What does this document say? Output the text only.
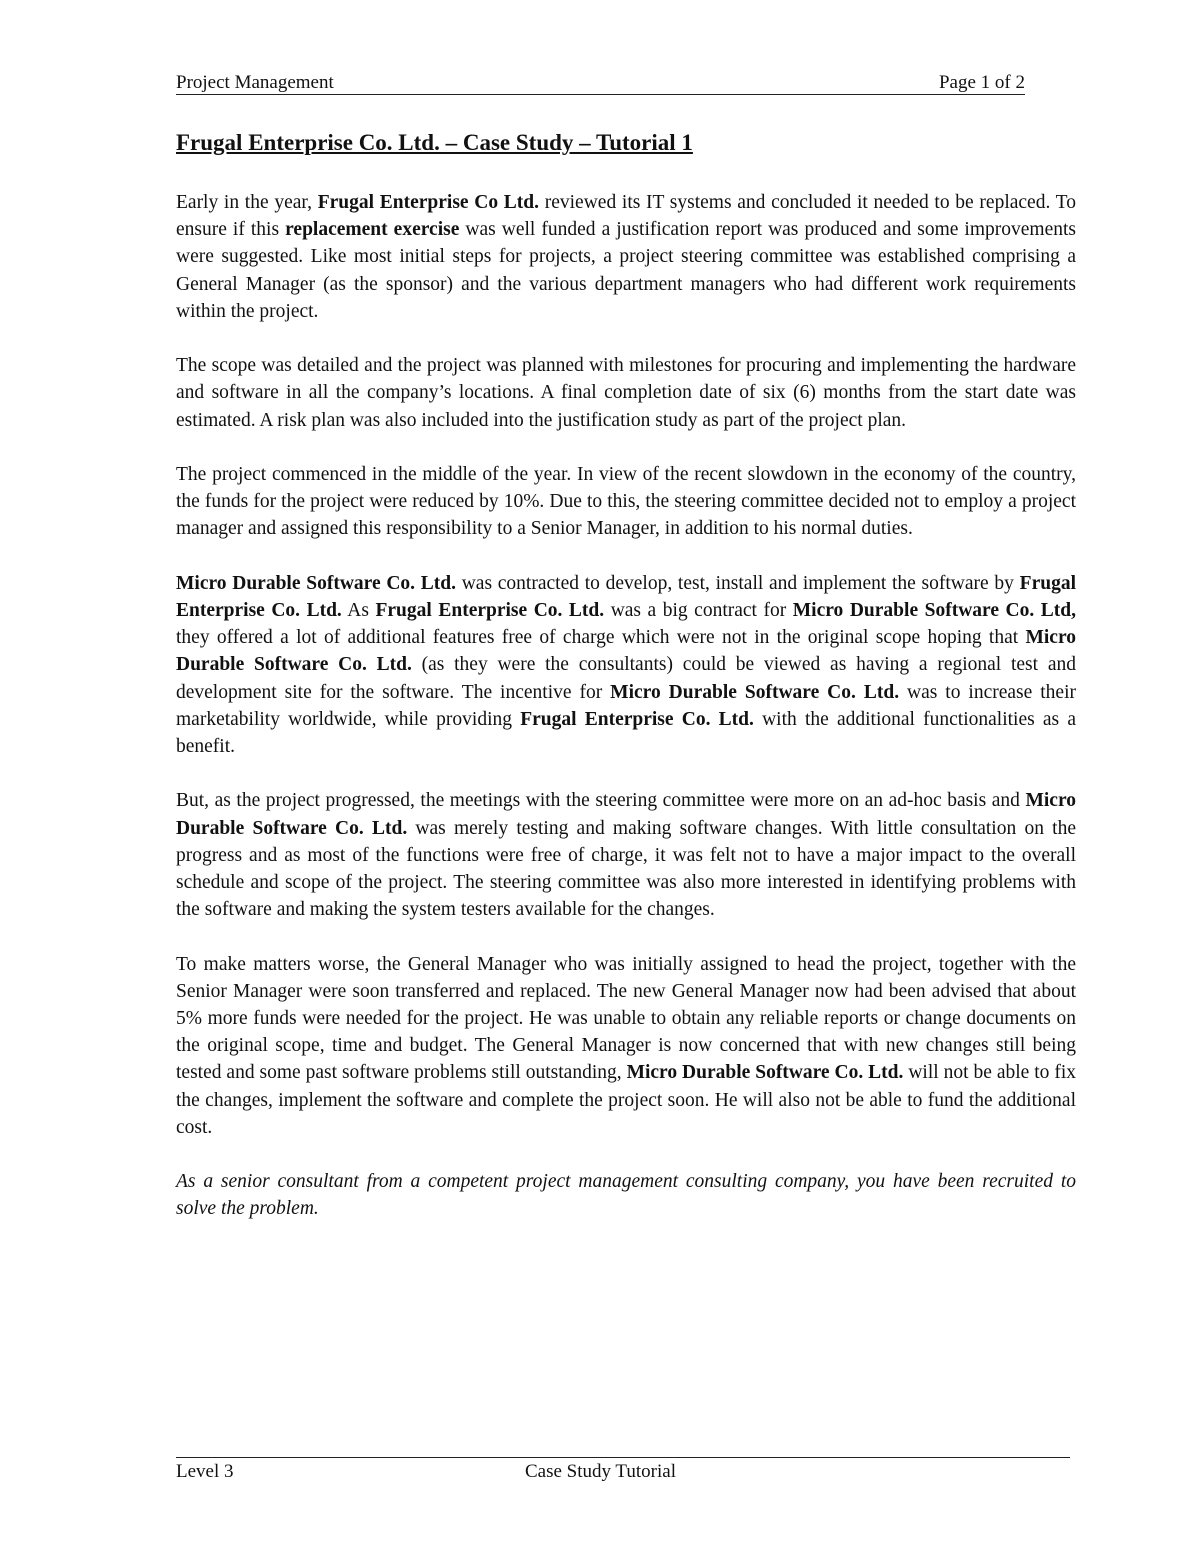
Project Management	Page 1 of 2
Frugal Enterprise Co. Ltd. – Case Study – Tutorial 1

Early in the year, Frugal Enterprise Co Ltd. reviewed its IT systems and concluded it needed to be replaced. To ensure if this replacement exercise was well funded a justification report was produced and some improvements were suggested. Like most initial steps for projects, a project steering committee was established comprising a General Manager (as the sponsor) and the various department managers who had different work requirements within the project.

The scope was detailed and the project was planned with milestones for procuring and implementing the hardware and software in all the company’s locations. A final completion date of six (6) months from the start date was estimated. A risk plan was also included into the justification study as part of the project plan.

The project commenced in the middle of the year. In view of the recent slowdown in the economy of the country, the funds for the project were reduced by 10%. Due to this, the steering committee decided not to employ a project manager and assigned this responsibility to a Senior Manager, in addition to his normal duties.

Micro Durable Software Co. Ltd. was contracted to develop, test, install and implement the software by Frugal Enterprise Co. Ltd. As Frugal Enterprise Co. Ltd. was a big contract for Micro Durable Software Co. Ltd, they offered a lot of additional features free of charge which were not in the original scope hoping that Micro Durable Software Co. Ltd. (as they were the consultants) could be viewed as having a regional test and development site for the software. The incentive for Micro Durable Software Co. Ltd. was to increase their marketability worldwide, while providing Frugal Enterprise Co. Ltd. with the additional functionalities as a benefit.

But, as the project progressed, the meetings with the steering committee were more on an ad-hoc basis and Micro Durable Software Co. Ltd. was merely testing and making software changes. With little consultation on the progress and as most of the functions were free of charge, it was felt not to have a major impact to the overall schedule and scope of the project. The steering committee was also more interested in identifying problems with the software and making the system testers available for the changes.

To make matters worse, the General Manager who was initially assigned to head the project, together with the Senior Manager were soon transferred and replaced. The new General Manager now had been advised that about 5% more funds were needed for the project. He was unable to obtain any reliable reports or change documents on the original scope, time and budget. The General Manager is now concerned that with new changes still being tested and some past software problems still outstanding, Micro Durable Software Co. Ltd. will not be able to fix the changes, implement the software and complete the project soon. He will also not be able to fund the additional cost.

As a senior consultant from a competent project management consulting company, you have been recruited to solve the problem.

Level 3	Case Study Tutorial
